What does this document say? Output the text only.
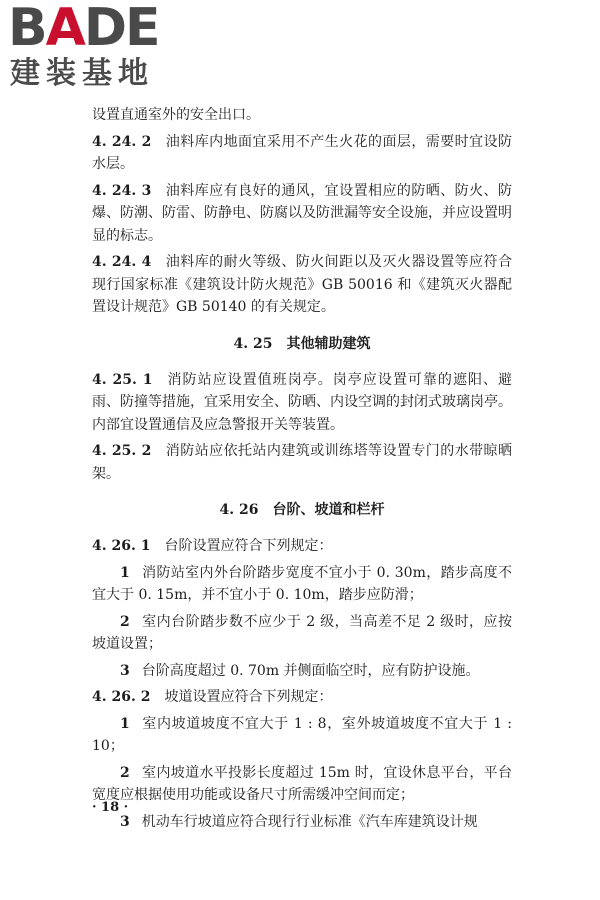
BADE
建装基地

设置直通室外的安全出口。

4. 24. 2 油料库内地面宜采用不产生火花的面层，需要时宜设防水层。

4. 24. 3 油料库应有良好的通风，宜设置相应的防晒、防火、防爆、防潮、防雷、防静电、防腐以及防泄漏等安全设施，并应设置明显的标志。

4. 24. 4 油料库的耐火等级、防火间距以及灭火器设置等应符合现行国家标准《建筑设计防火规范》GB 50016 和《建筑灭火器配置设计规范》GB 50140 的有关规定。

4. 25 其他辅助建筑

4. 25. 1 消防站应设置值班岗亭。岗亭应设置可靠的遮阳、避雨、防撞等措施，宜采用安全、防晒、内设空调的封闭式玻璃岗亭。内部宜设置通信及应急警报开关等装置。

4. 25. 2 消防站应依托站内建筑或训练塔等设置专门的水带晾晒架。

4. 26 台阶、坡道和栏杆

4. 26. 1 台阶设置应符合下列规定：

1 消防站室内外台阶踏步宽度不宜小于 0. 30m，踏步高度不宜大于 0. 15m，并不宜小于 0. 10m，踏步应防滑；

2 室内台阶踏步数不应少于 2 级，当高差不足 2 级时，应按坡道设置；

3 台阶高度超过 0. 70m 并侧面临空时，应有防护设施。

4. 26. 2 坡道设置应符合下列规定：

1 室内坡道坡度不宜大于 1 : 8，室外坡道坡度不宜大于 1 : 10；

2 室内坡道水平投影长度超过 15m 时，宜设休息平台，平台宽度应根据使用功能或设备尺寸所需缓冲空间而定；

3 机动车行坡道应符合现行行业标准《汽车库建筑设计规

· 18 ·
